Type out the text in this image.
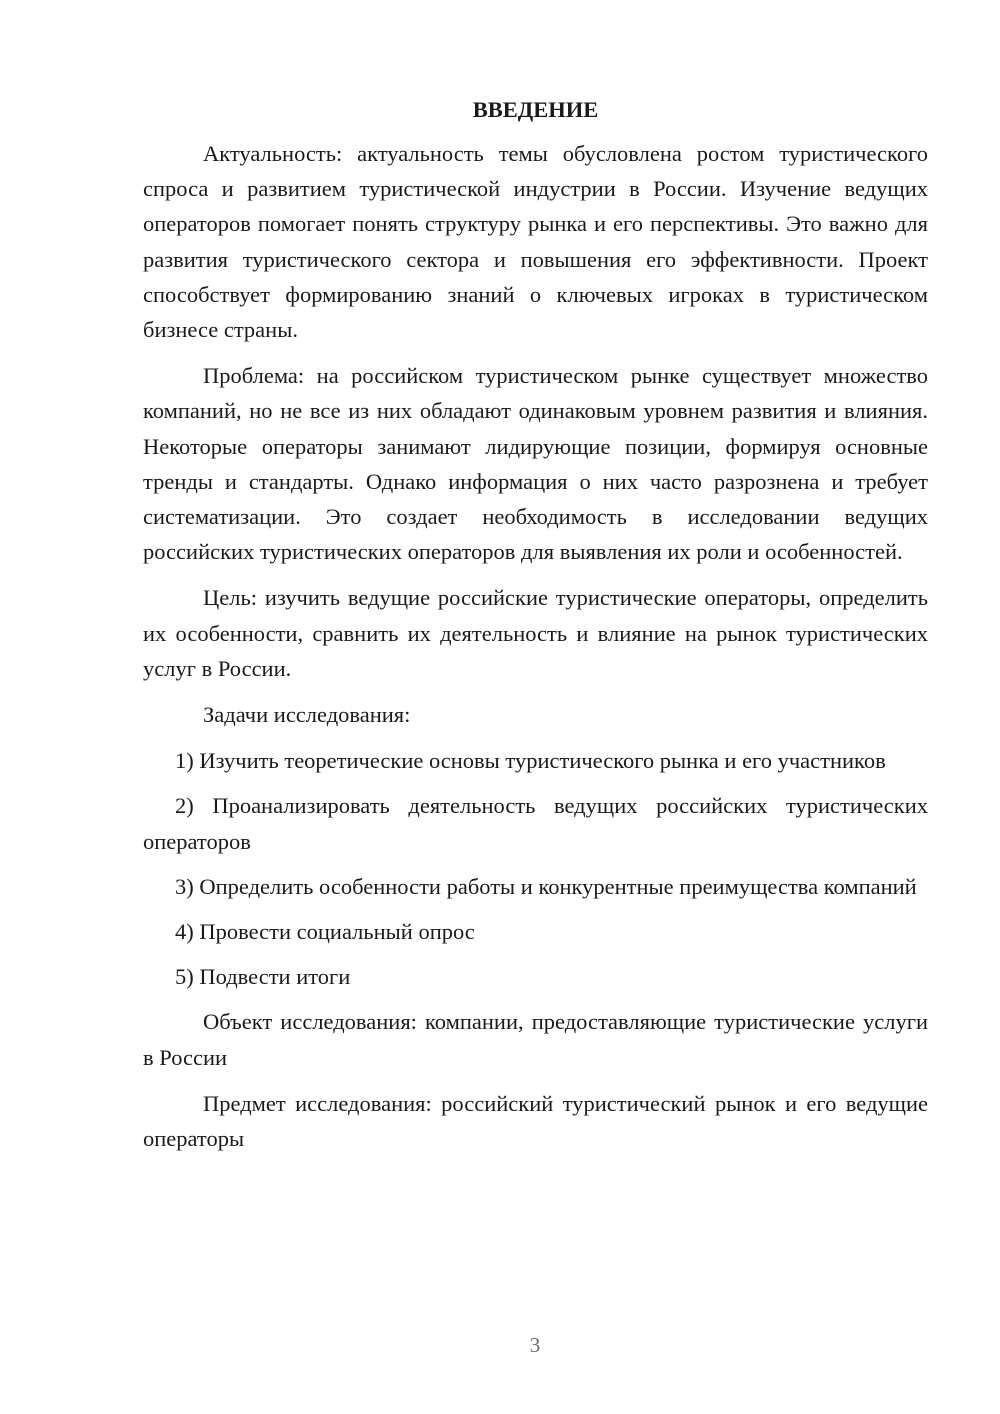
ВВЕДЕНИЕ

Актуальность: актуальность темы обусловлена ростом туристического спроса и развитием туристической индустрии в России. Изучение ведущих операторов помогает понять структуру рынка и его перспективы. Это важно для развития туристического сектора и повышения его эффективности. Проект способствует формированию знаний о ключевых игроках в туристическом бизнесе страны.

Проблема: на российском туристическом рынке существует множество компаний, но не все из них обладают одинаковым уровнем развития и влияния. Некоторые операторы занимают лидирующие позиции, формируя основные тренды и стандарты. Однако информация о них часто разрознена и требует систематизации. Это создает необходимость в исследовании ведущих российских туристических операторов для выявления их роли и особенностей.

Цель: изучить ведущие российские туристические операторы, определить их особенности, сравнить их деятельность и влияние на рынок туристических услуг в России.

Задачи исследования:

1) Изучить теоретические основы туристического рынка и его участников

2) Проанализировать деятельность ведущих российских туристических операторов

3) Определить особенности работы и конкурентные преимущества компаний

4) Провести социальный опрос

5) Подвести итоги

Объект исследования: компании, предоставляющие туристические услуги в России

Предмет исследования: российский туристический рынок и его ведущие операторы

3
